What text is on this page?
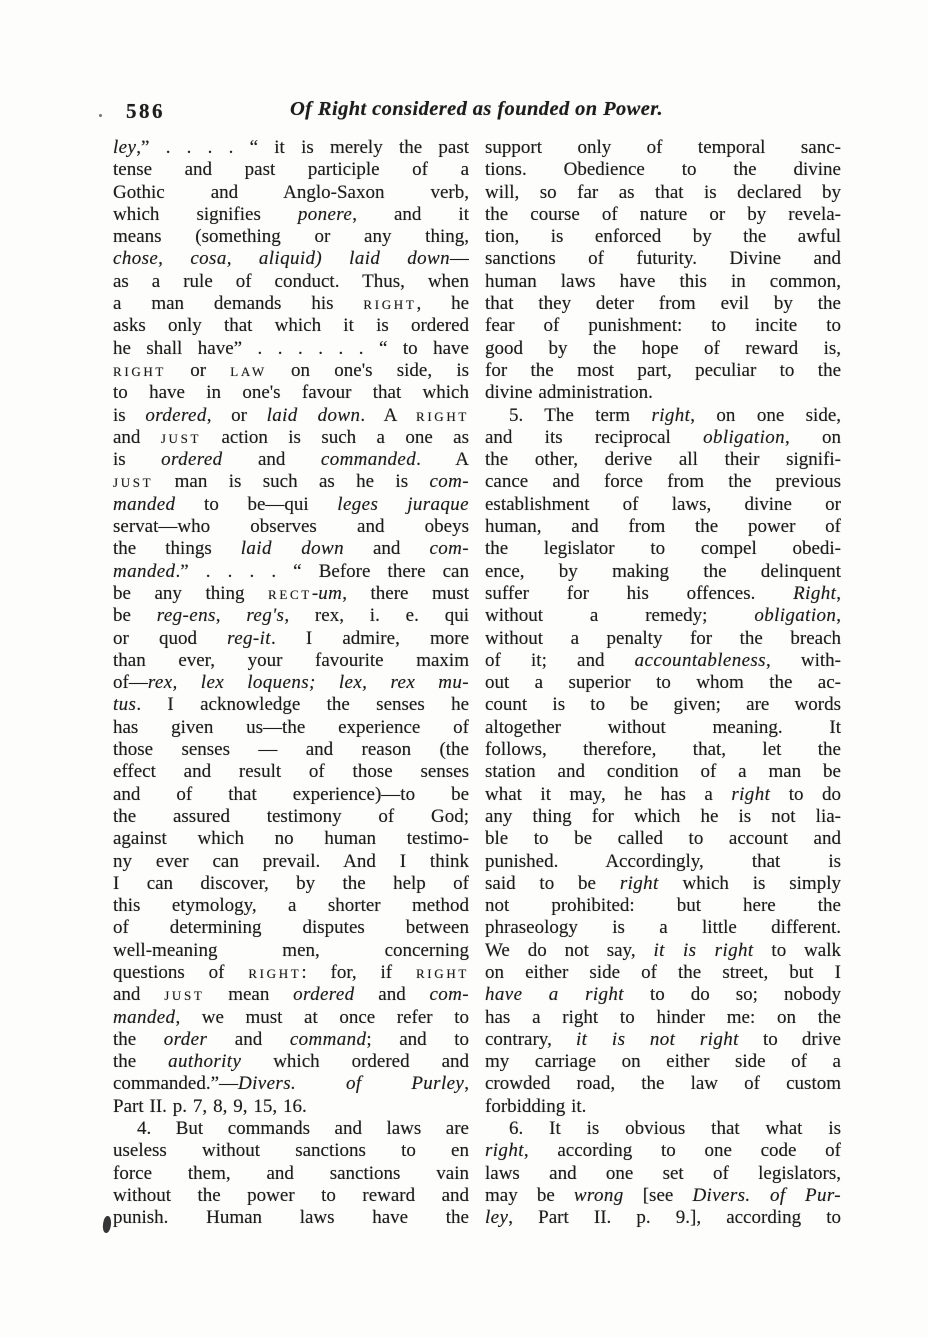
586	Of Right considered as founded on Power.
ley,” . . . . “ it is merely the past
tense and past participle of a
Gothic and Anglo-Saxon verb,
which signifies ponere, and it
means (something or any thing,
chose, cosa, aliquid) laid down—
as a rule of conduct. Thus, when
a man demands his right, he
asks only that which it is ordered
he shall have” . . . . . . “ to have
right or law on one's side, is
to have in one's favour that which
is ordered, or laid down. A right
and just action is such a one as
is ordered and commanded. A
just man is such as he is com-
manded to be—qui leges juraque
servat—who observes and obeys
the things laid down and com-
manded.” . . . . “ Before there can
be any thing rect-um, there must
be reg-ens, reg's, rex, i. e. qui
or quod reg-it. I admire, more
than ever, your favourite maxim
of—rex, lex loquens; lex, rex mu-
tus. I acknowledge the senses he
has given us—the experience of
those senses — and reason (the
effect and result of those senses
and of that experience)—to be
the assured testimony of God;
against which no human testimo-
ny ever can prevail. And I think
I can discover, by the help of
this etymology, a shorter method
of determining disputes between
well-meaning men, concerning
questions of right: for, if right
and just mean ordered and com-
manded, we must at once refer to
the order and command; and to
the authority which ordered and
commanded.”—Divers. of Purley,
Part II. p. 7, 8, 9, 15, 16.
4. But commands and laws are
useless without sanctions to en
force them, and sanctions vain
without the power to reward and
punish. Human laws have the
support only of temporal sanc-
tions. Obedience to the divine
will, so far as that is declared by
the course of nature or by revela-
tion, is enforced by the awful
sanctions of futurity. Divine and
human laws have this in common,
that they deter from evil by the
fear of punishment: to incite to
good by the hope of reward is,
for the most part, peculiar to the
divine administration.
5. The term right, on one side,
and its reciprocal obligation, on
the other, derive all their signifi-
cance and force from the previous
establishment of laws, divine or
human, and from the power of
the legislator to compel obedi-
ence, by making the delinquent
suffer for his offences. Right,
without a remedy; obligation,
without a penalty for the breach
of it; and accountableness, with-
out a superior to whom the ac-
count is to be given; are words
altogether without meaning. It
follows, therefore, that, let the
station and condition of a man be
what it may, he has a right to do
any thing for which he is not lia-
ble to be called to account and
punished. Accordingly, that is
said to be right which is simply
not prohibited: but here the
phraseology is a little different.
We do not say, it is right to walk
on either side of the street, but I
have a right to do so; nobody
has a right to hinder me: on the
contrary, it is not right to drive
my carriage on either side of a
crowded road, the law of custom
forbidding it.
6. It is obvious that what is
right, according to one code of
laws and one set of legislators,
may be wrong [see Divers. of Pur-
ley, Part II. p. 9.], according to
